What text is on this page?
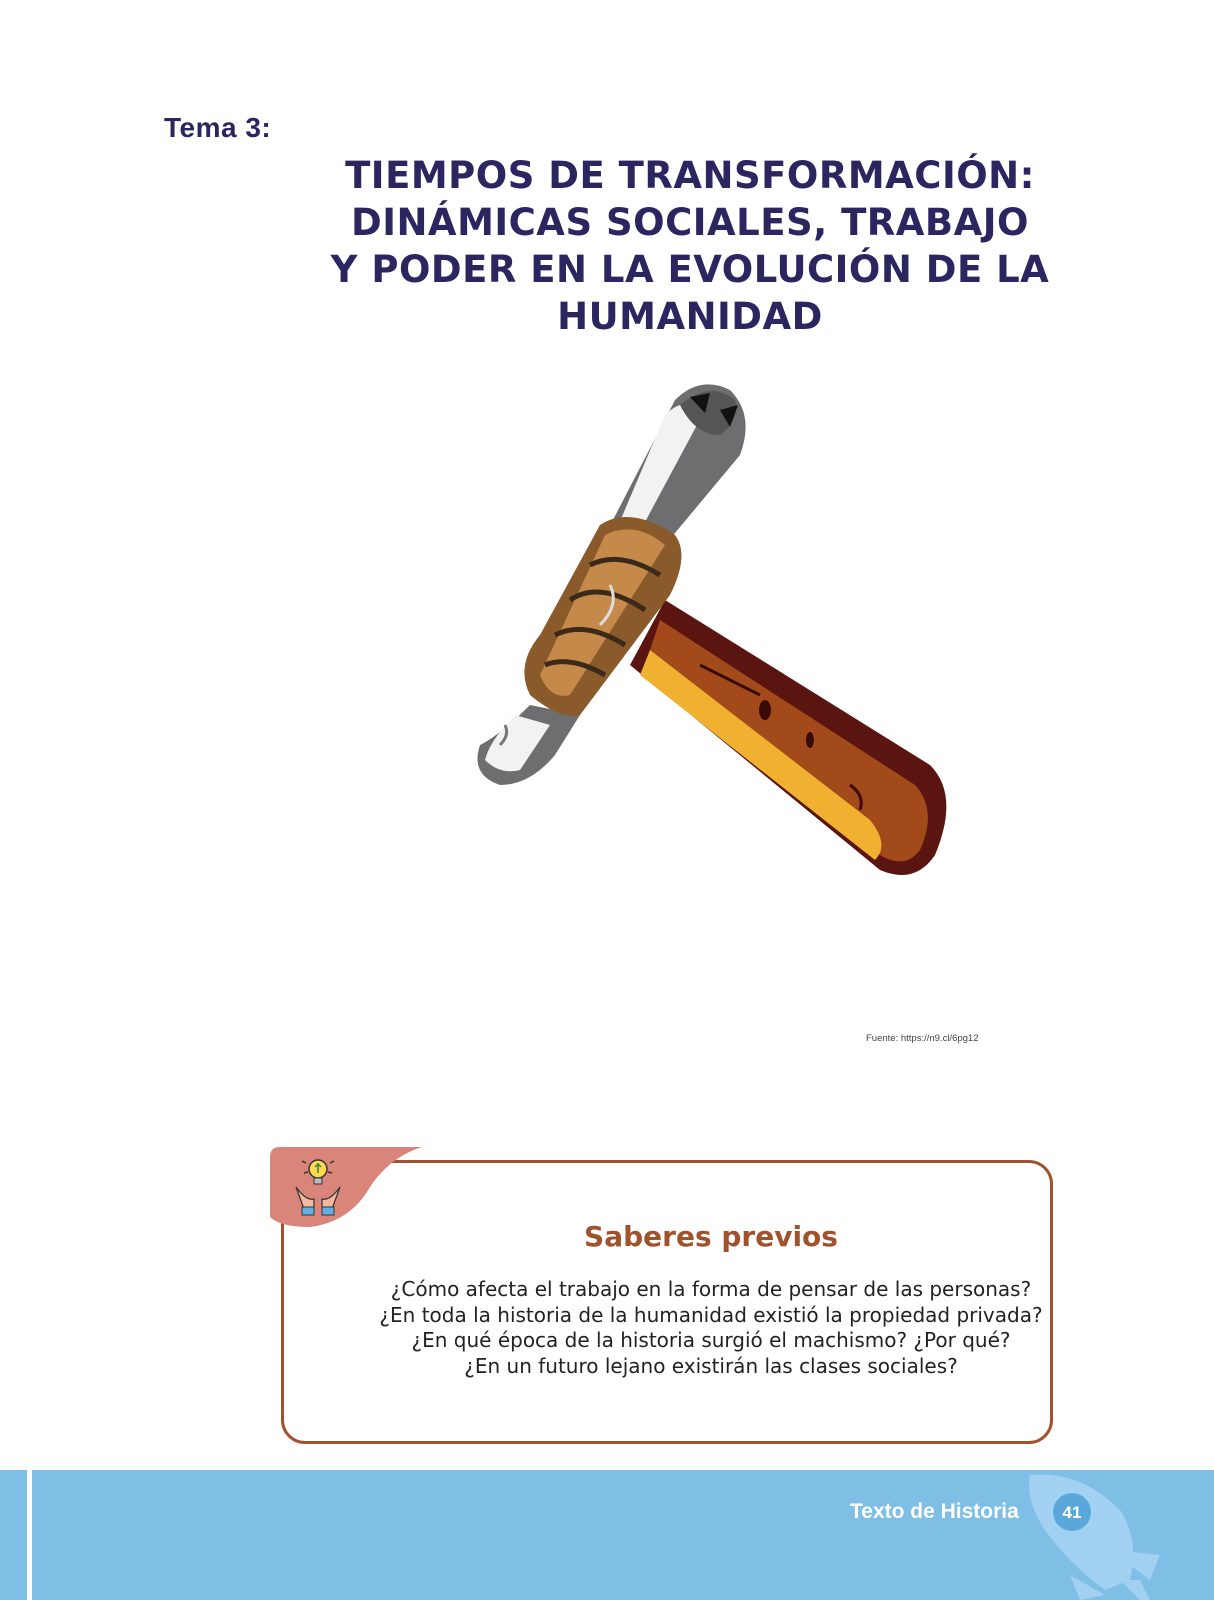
Tema 3:
TIEMPOS DE TRANSFORMACIÓN:
DINÁMICAS SOCIALES, TRABAJO
Y PODER EN LA EVOLUCIÓN DE LA
HUMANIDAD
Fuente: https://n9.cl/6pg12
Saberes previos
¿Cómo afecta el trabajo en la forma de pensar de las personas?
¿En toda la historia de la humanidad existió la propiedad privada?
¿En qué época de la historia surgió el machismo? ¿Por qué?
¿En un futuro lejano existirán las clases sociales?
Texto de Historia	41
